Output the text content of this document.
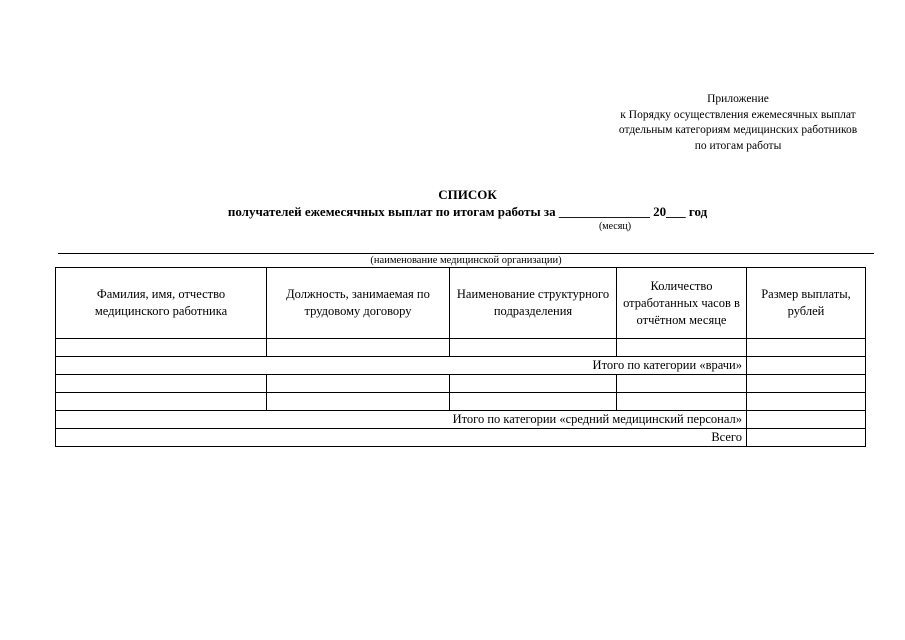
Приложение
к Порядку осуществления ежемесячных выплат
отдельным категориям медицинских работников
по итогам работы
СПИСОК
получателей ежемесячных выплат по итогам работы за ______________ 20___ год
(месяц)
(наименование медицинской организации)
Фамилия, имя, отчество медицинского работника	Должность, занимаемая по трудовому договору	Наименование структурного подразделения	Количество отработанных часов в отчётном месяце	Размер выплаты, рублей

Итого по категории «врачи»				

Итого по категории «средний медицинский персонал»				
Всего				
